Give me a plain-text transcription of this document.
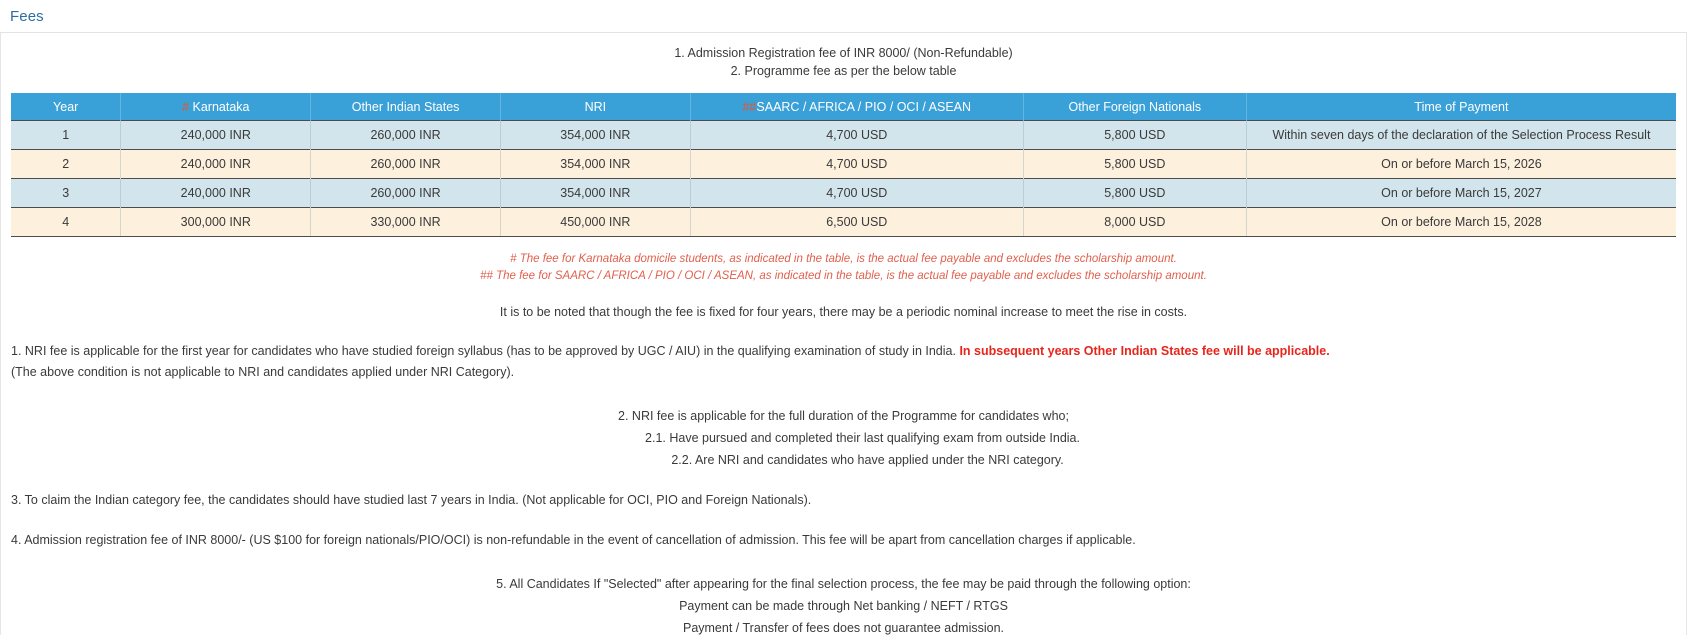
Fees
1. Admission Registration fee of INR 8000/ (Non-Refundable)
2. Programme fee as per the below table
Year	# Karnataka	Other Indian States	NRI	##SAARC / AFRICA / PIO / OCI / ASEAN	Other Foreign Nationals	Time of Payment
1	240,000 INR	260,000 INR	354,000 INR	4,700 USD	5,800 USD	Within seven days of the declaration of the Selection Process Result
2	240,000 INR	260,000 INR	354,000 INR	4,700 USD	5,800 USD	On or before March 15, 2026
3	240,000 INR	260,000 INR	354,000 INR	4,700 USD	5,800 USD	On or before March 15, 2027
4	300,000 INR	330,000 INR	450,000 INR	6,500 USD	8,000 USD	On or before March 15, 2028
# The fee for Karnataka domicile students, as indicated in the table, is the actual fee payable and excludes the scholarship amount.
## The fee for SAARC / AFRICA / PIO / OCI / ASEAN, as indicated in the table, is the actual fee payable and excludes the scholarship amount.
It is to be noted that though the fee is fixed for four years, there may be a periodic nominal increase to meet the rise in costs.
1. NRI fee is applicable for the first year for candidates who have studied foreign syllabus (has to be approved by UGC / AIU) in the qualifying examination of study in India. In subsequent years Other Indian States fee will be applicable.
(The above condition is not applicable to NRI and candidates applied under NRI Category).
2. NRI fee is applicable for the full duration of the Programme for candidates who;
2.1. Have pursued and completed their last qualifying exam from outside India.
2.2. Are NRI and candidates who have applied under the NRI category.
3. To claim the Indian category fee, the candidates should have studied last 7 years in India. (Not applicable for OCI, PIO and Foreign Nationals).
4. Admission registration fee of INR 8000/- (US $100 for foreign nationals/PIO/OCI) is non-refundable in the event of cancellation of admission. This fee will be apart from cancellation charges if applicable.
5. All Candidates If "Selected" after appearing for the final selection process, the fee may be paid through the following option:
Payment can be made through Net banking / NEFT / RTGS
Payment / Transfer of fees does not guarantee admission.
